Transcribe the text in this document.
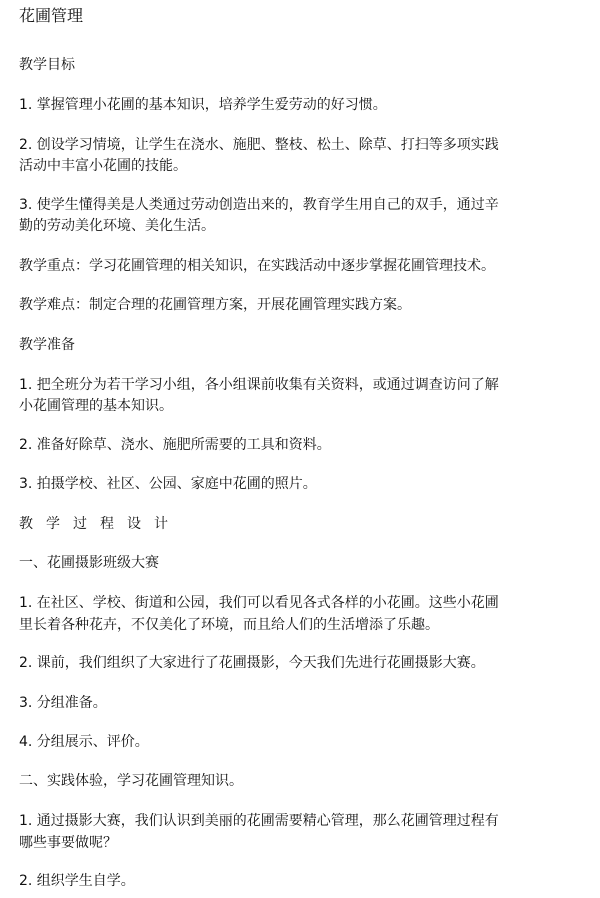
花圃管理
教学目标
1. 掌握管理小花圃的基本知识，培养学生爱劳动的好习惯。
2. 创设学习情境，让学生在浇水、施肥、整枝、松土、除草、打扫等多项实践
活动中丰富小花圃的技能。
3. 使学生懂得美是人类通过劳动创造出来的，教育学生用自己的双手，通过辛
勤的劳动美化环境、美化生活。
教学重点：学习花圃管理的相关知识，在实践活动中逐步掌握花圃管理技术。
教学难点：制定合理的花圃管理方案，开展花圃管理实践方案。
教学准备
1. 把全班分为若干学习小组，各小组课前收集有关资料，或通过调查访问了解
小花圃管理的基本知识。
2. 准备好除草、浇水、施肥所需要的工具和资料。
3. 拍摄学校、社区、公园、家庭中花圃的照片。
教学过程设计
一、花圃摄影班级大赛
1. 在社区、学校、街道和公园，我们可以看见各式各样的小花圃。这些小花圃
里长着各种花卉，不仅美化了环境，而且给人们的生活增添了乐趣。
2. 课前，我们组织了大家进行了花圃摄影，今天我们先进行花圃摄影大赛。
3. 分组准备。
4. 分组展示、评价。
二、实践体验，学习花圃管理知识。
1. 通过摄影大赛，我们认识到美丽的花圃需要精心管理，那么花圃管理过程有
哪些事要做呢？
2. 组织学生自学。
